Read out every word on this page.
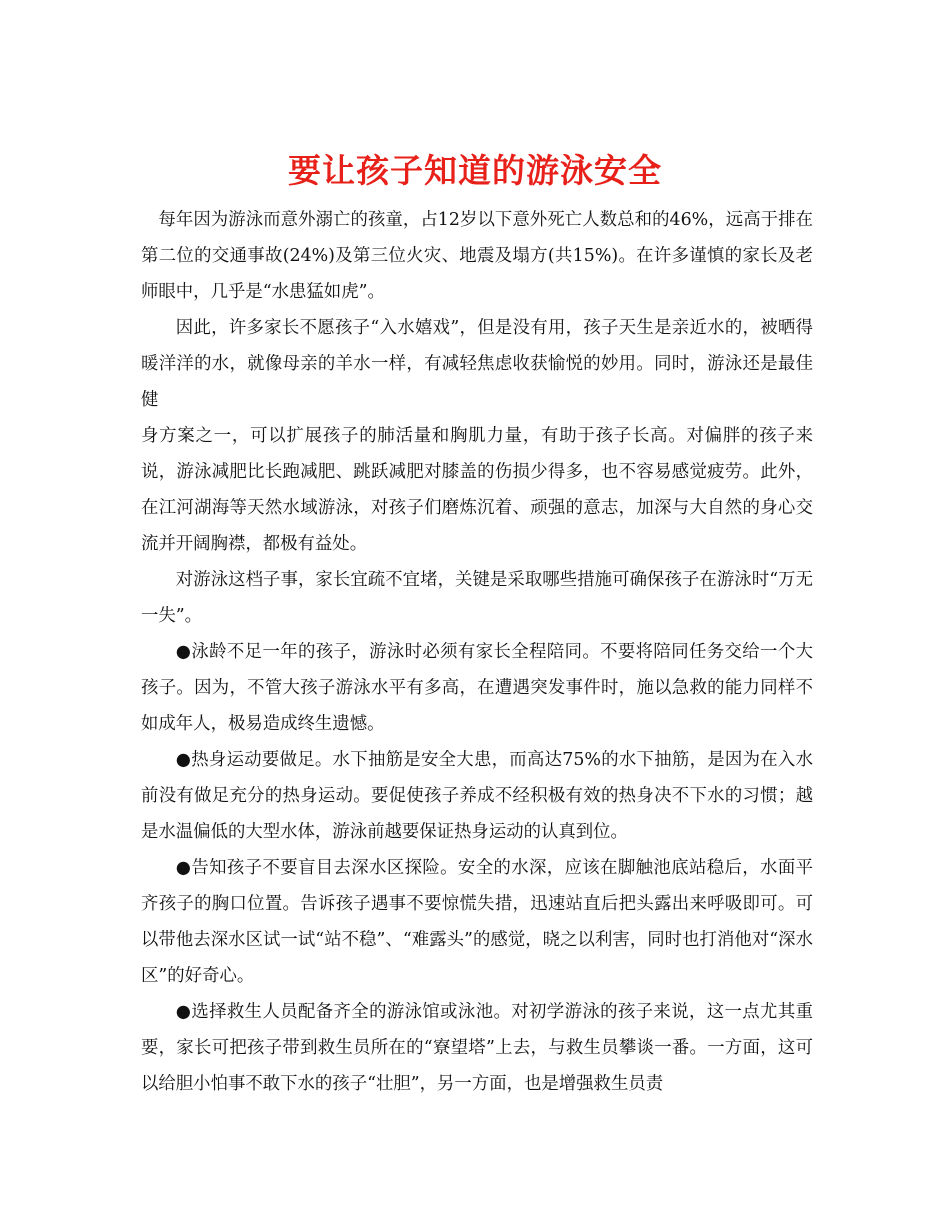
要让孩子知道的游泳安全

每年因为游泳而意外溺亡的孩童，占12岁以下意外死亡人数总和的46%，远高于排在第二位的交通事故(24%)及第三位火灾、地震及塌方(共15%)。在许多谨慎的家长及老师眼中，几乎是“水患猛如虎”。

因此，许多家长不愿孩子“入水嬉戏”，但是没有用，孩子天生是亲近水的，被晒得暖洋洋的水，就像母亲的羊水一样，有减轻焦虑收获愉悦的妙用。同时，游泳还是最佳健

身方案之一，可以扩展孩子的肺活量和胸肌力量，有助于孩子长高。对偏胖的孩子来说，游泳减肥比长跑减肥、跳跃减肥对膝盖的伤损少得多，也不容易感觉疲劳。此外，在江河湖海等天然水域游泳，对孩子们磨炼沉着、顽强的意志，加深与大自然的身心交流并开阔胸襟，都极有益处。

对游泳这档子事，家长宜疏不宜堵，关键是采取哪些措施可确保孩子在游泳时“万无一失”。

●泳龄不足一年的孩子，游泳时必须有家长全程陪同。不要将陪同任务交给一个大孩子。因为，不管大孩子游泳水平有多高，在遭遇突发事件时，施以急救的能力同样不如成年人，极易造成终生遗憾。

●热身运动要做足。水下抽筋是安全大患，而高达75%的水下抽筋，是因为在入水前没有做足充分的热身运动。要促使孩子养成不经积极有效的热身决不下水的习惯；越是水温偏低的大型水体，游泳前越要保证热身运动的认真到位。

●告知孩子不要盲目去深水区探险。安全的水深，应该在脚触池底站稳后，水面平齐孩子的胸口位置。告诉孩子遇事不要惊慌失措，迅速站直后把头露出来呼吸即可。可以带他去深水区试一试“站不稳”、“难露头”的感觉，晓之以利害，同时也打消他对“深水区”的好奇心。

●选择救生人员配备齐全的游泳馆或泳池。对初学游泳的孩子来说，这一点尤其重要，家长可把孩子带到救生员所在的“寮望塔”上去，与救生员攀谈一番。一方面，这可以给胆小怕事不敢下水的孩子“壮胆”，另一方面，也是增强救生员责
